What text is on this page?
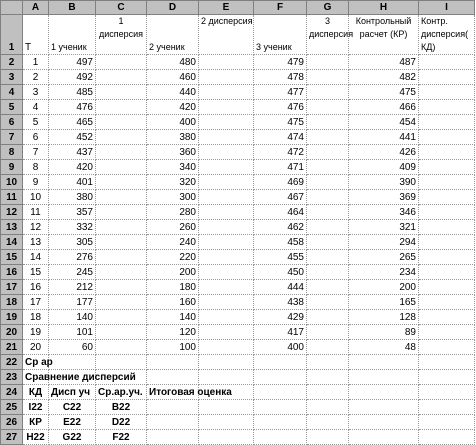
	A	B	C	D	E	F	G	H	I
1	Т	1 ученик	1 дисперсия	2 ученик	2 дисперсия	3 ученик	3 дисперсия	Контрольный расчет (КР)	Контр. дисперсия( КД)
2	1	497		480		479		487	
3	2	492		460		478		482	
4	3	485		440		477		475	
5	4	476		420		476		466	
6	5	465		400		475		454	
7	6	452		380		474		441	
8	7	437		360		472		426	
9	8	420		340		471		409	
10	9	401		320		469		390	
11	10	380		300		467		369	
12	11	357		280		464		346	
13	12	332		260		462		321	
14	13	305		240		458		294	
15	14	276		220		455		265	
16	15	245		200		450		234	
17	16	212		180		444		200	
18	17	177		160		438		165	
19	18	140		140		429		128	
20	19	101		120		417		89	
21	20	60		100		400		48	
22	Ср ар								
23	Сравнение дисперсий								
24	КД	Дисп уч	Ср.ар.уч.	Итоговая оценка					
25	I22	C22	B22						
26	КР	E22	D22						
27	H22	G22	F22						
